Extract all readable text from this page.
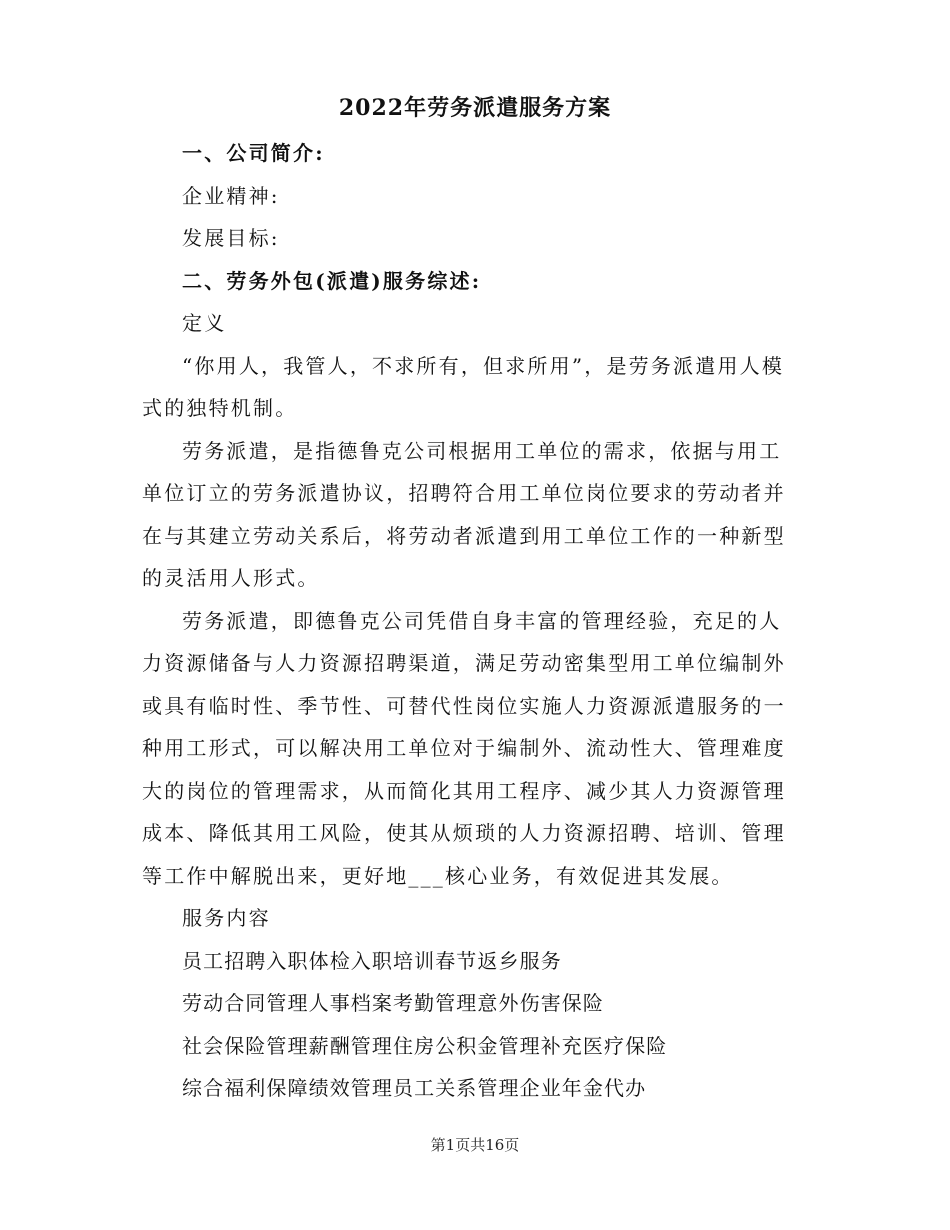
2022年劳务派遣服务方案

一、公司简介:

企业精神:

发展目标:

二、劳务外包(派遣)服务综述:

定义

“你用人，我管人，不求所有，但求所用”，是劳务派遣用人模式的独特机制。

劳务派遣，是指德鲁克公司根据用工单位的需求，依据与用工单位订立的劳务派遣协议，招聘符合用工单位岗位要求的劳动者并在与其建立劳动关系后，将劳动者派遣到用工单位工作的一种新型的灵活用人形式。

劳务派遣，即德鲁克公司凭借自身丰富的管理经验，充足的人力资源储备与人力资源招聘渠道，满足劳动密集型用工单位编制外或具有临时性、季节性、可替代性岗位实施人力资源派遣服务的一种用工形式，可以解决用工单位对于编制外、流动性大、管理难度大的岗位的管理需求，从而简化其用工程序、减少其人力资源管理成本、降低其用工风险，使其从烦琐的人力资源招聘、培训、管理等工作中解脱出来，更好地___核心业务，有效促进其发展。

服务内容

员工招聘入职体检入职培训春节返乡服务

劳动合同管理人事档案考勤管理意外伤害保险

社会保险管理薪酬管理住房公积金管理补充医疗保险

综合福利保障绩效管理员工关系管理企业年金代办

第1页共16页
